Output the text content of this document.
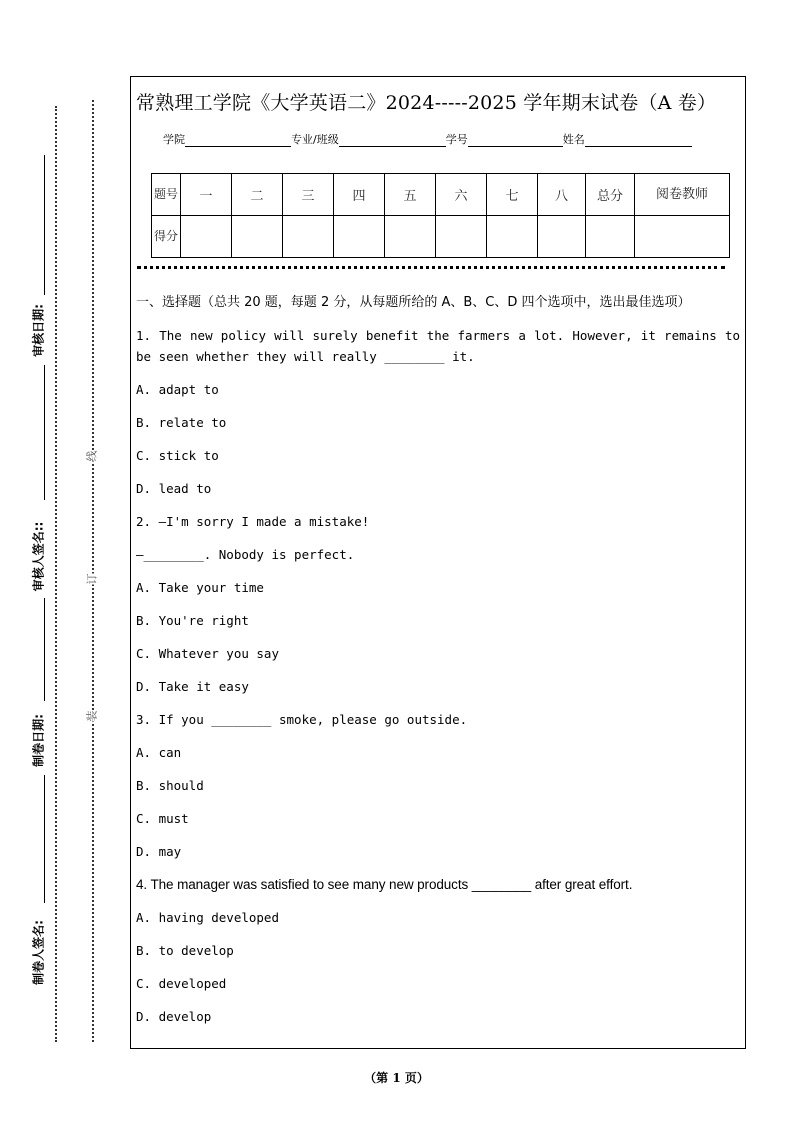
线
订
装
审核日期:
审核人签名::
制卷日期:
制卷人签名:
常熟理工学院《大学英语二》2024-----2025 学年期末试卷（A 卷）
学院	专业/班级	学号	姓名
题号	一	二	三	四	五	六	七	八	总分	阅卷教师
得分										

一、选择题（总共 20 题，每题 2 分，从每题所给的 A、B、C、D 四个选项中，选出最佳选项）

1. The new policy will surely benefit the farmers a lot. However, it remains to be seen whether they will really ________ it.

A. adapt to

B. relate to

C. stick to

D. lead to

2. —I'm sorry I made a mistake!

—________. Nobody is perfect.

A. Take your time

B. You're right

C. Whatever you say

D. Take it easy

3. If you ________ smoke, please go outside.

A. can

B. should

C. must

D. may

4. The manager was satisfied to see many new products ________ after great effort.

A. having developed

B. to develop

C. developed

D. develop

（第 1 页）
